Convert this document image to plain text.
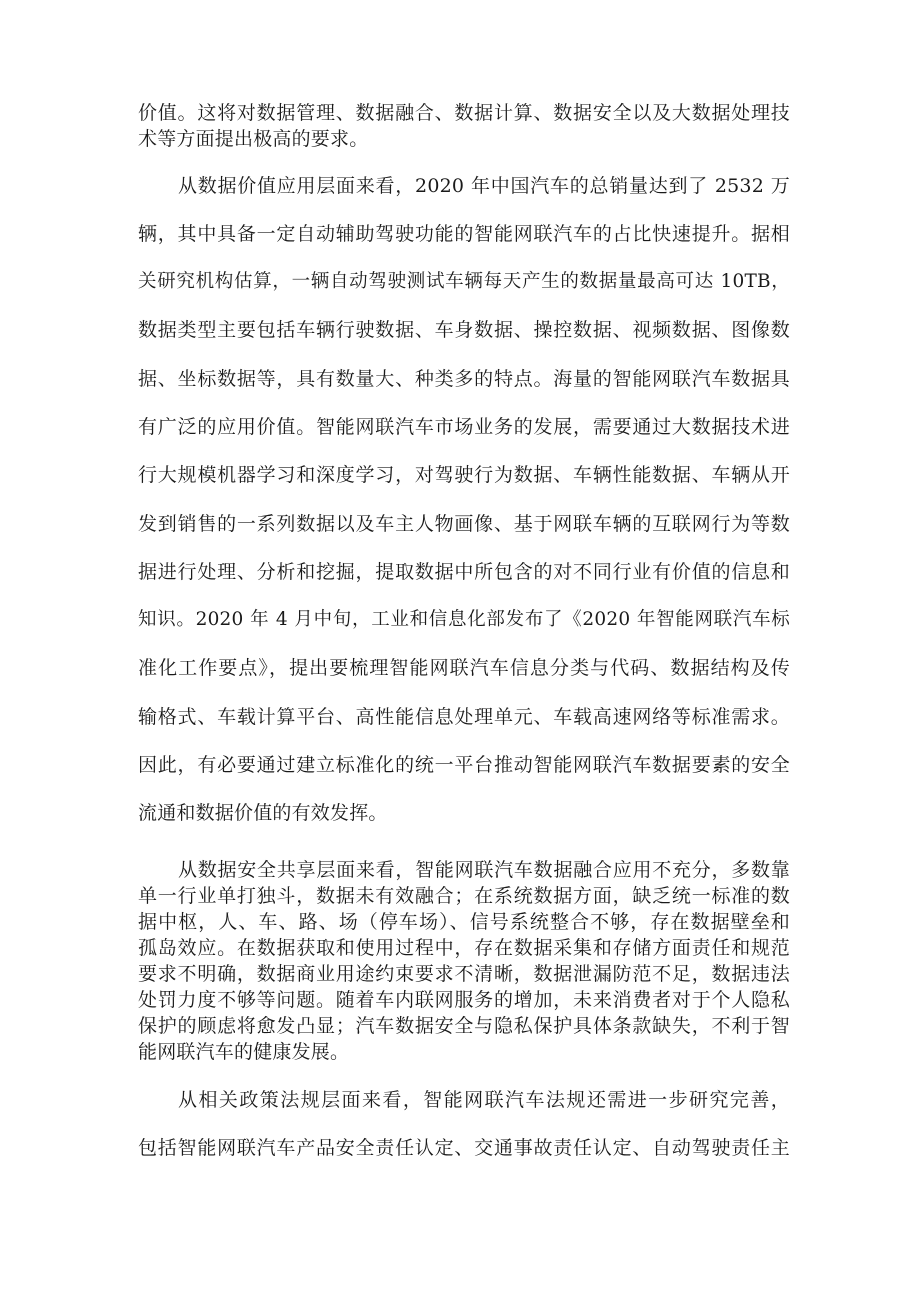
价值。这将对数据管理、数据融合、数据计算、数据安全以及大数据处理技
术等方面提出极高的要求。
从数据价值应用层面来看，2020 年中国汽车的总销量达到了 2532 万
辆，其中具备一定自动辅助驾驶功能的智能网联汽车的占比快速提升。据相
关研究机构估算，一辆自动驾驶测试车辆每天产生的数据量最高可达 10TB，
数据类型主要包括车辆行驶数据、车身数据、操控数据、视频数据、图像数
据、坐标数据等，具有数量大、种类多的特点。海量的智能网联汽车数据具
有广泛的应用价值。智能网联汽车市场业务的发展，需要通过大数据技术进
行大规模机器学习和深度学习，对驾驶行为数据、车辆性能数据、车辆从开
发到销售的一系列数据以及车主人物画像、基于网联车辆的互联网行为等数
据进行处理、分析和挖掘，提取数据中所包含的对不同行业有价值的信息和
知识。2020 年 4 月中旬，工业和信息化部发布了《2020 年智能网联汽车标
准化工作要点》，提出要梳理智能网联汽车信息分类与代码、数据结构及传
输格式、车载计算平台、高性能信息处理单元、车载高速网络等标准需求。
因此，有必要通过建立标准化的统一平台推动智能网联汽车数据要素的安全
流通和数据价值的有效发挥。
从数据安全共享层面来看，智能网联汽车数据融合应用不充分，多数靠
单一行业单打独斗，数据未有效融合；在系统数据方面，缺乏统一标准的数
据中枢，人、车、路、场（停车场）、信号系统整合不够，存在数据壁垒和
孤岛效应。在数据获取和使用过程中，存在数据采集和存储方面责任和规范
要求不明确，数据商业用途约束要求不清晰，数据泄漏防范不足，数据违法
处罚力度不够等问题。随着车内联网服务的增加，未来消费者对于个人隐私
保护的顾虑将愈发凸显；汽车数据安全与隐私保护具体条款缺失，不利于智
能网联汽车的健康发展。
从相关政策法规层面来看，智能网联汽车法规还需进一步研究完善，
包括智能网联汽车产品安全责任认定、交通事故责任认定、自动驾驶责任主
